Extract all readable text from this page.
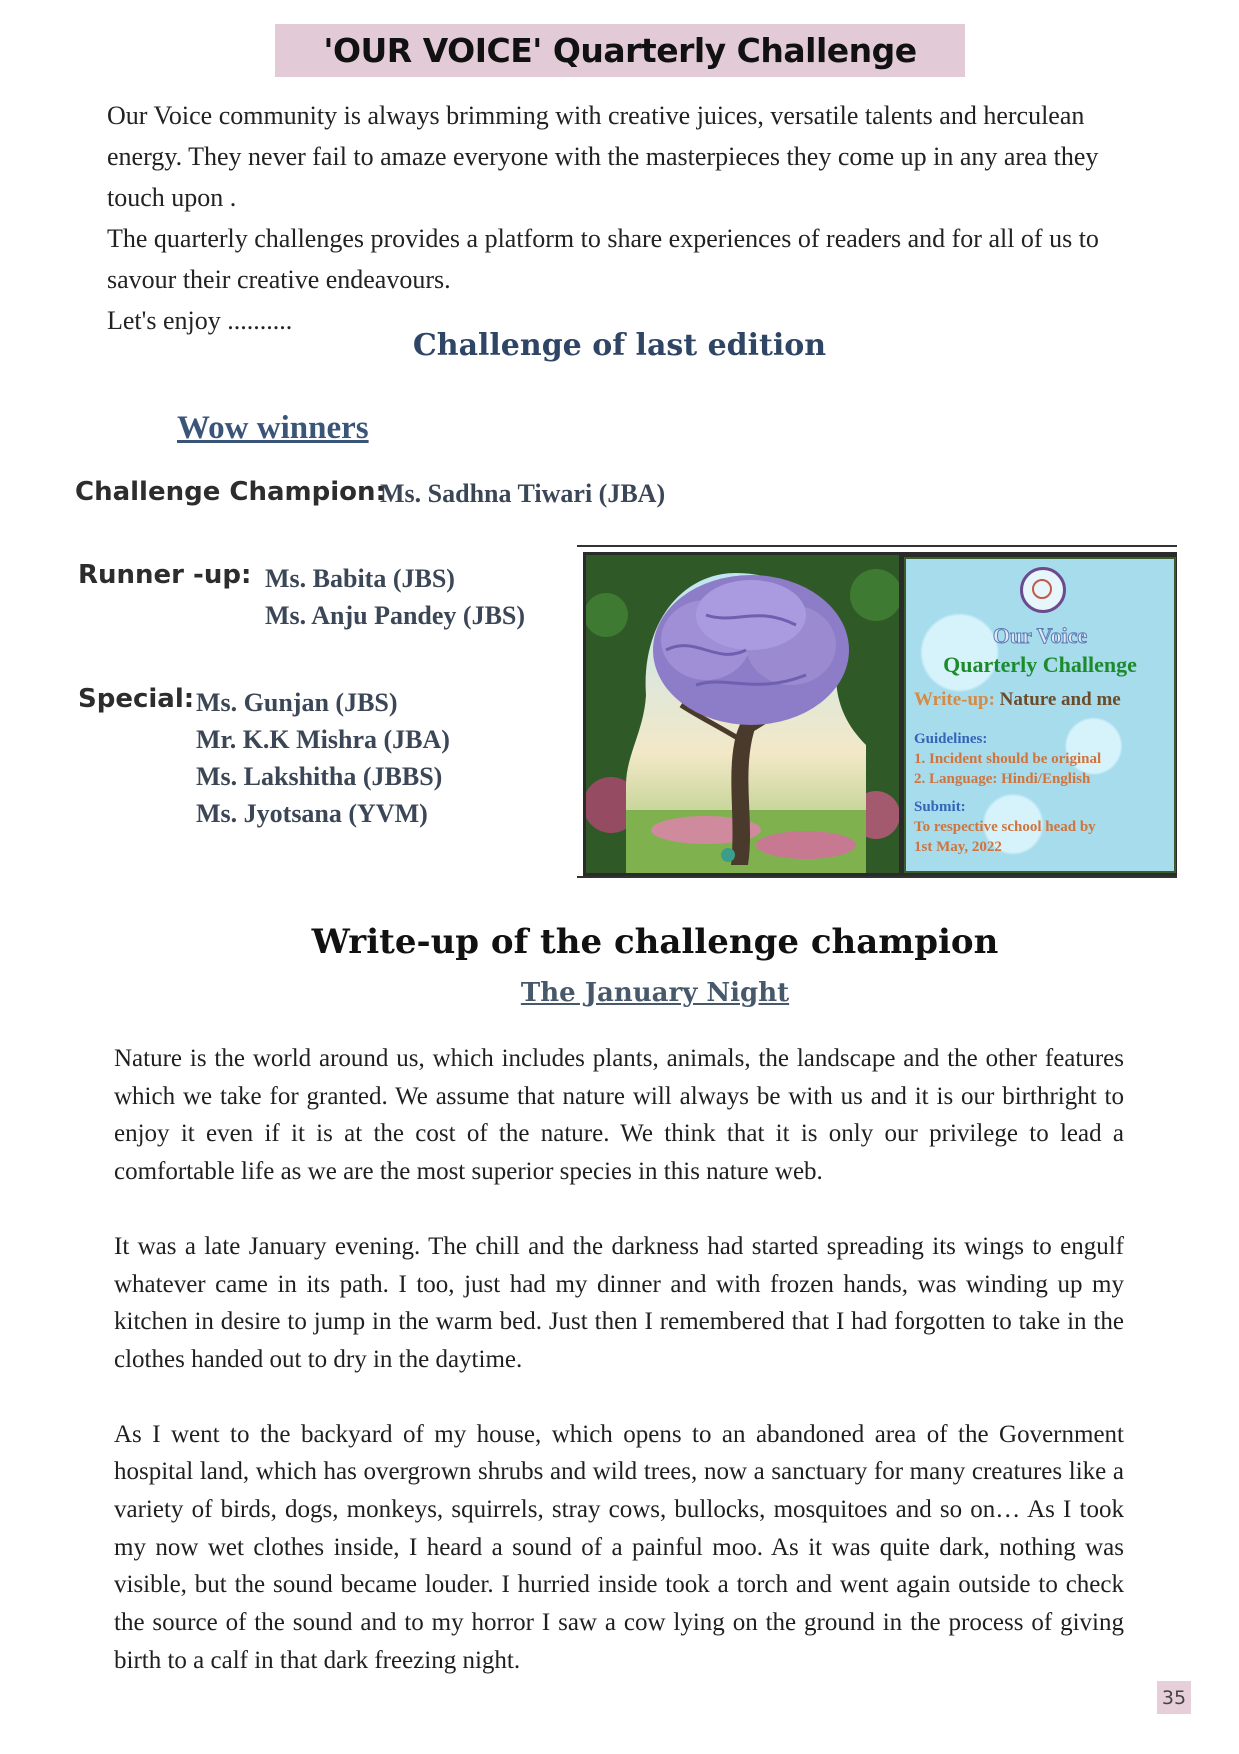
'OUR VOICE' Quarterly Challenge

Our Voice community is always brimming with creative juices, versatile talents and herculean energy. They never fail to amaze everyone with the masterpieces they come up in any area they touch upon .

The quarterly challenges provides a platform to share experiences of readers and for all of us to savour their creative endeavours.

Let's enjoy ..........

Challenge of last edition
Wow winners
Challenge Champion:
Ms. Sadhna Tiwari (JBA)
Runner -up: Ms. Babita (JBS)
Ms. Anju Pandey (JBS)
Special: Ms. Gunjan (JBS)
Mr. K.K Mishra (JBA)
Ms. Lakshitha (JBBS)
Ms. Jyotsana (YVM)
Our Voice
Quarterly Challenge
Write-up: Nature and me
Guidelines:
1. Incident should be original
2. Language: Hindi/English
Submit:
To respective school head by
1st May, 2022
Write-up of the challenge champion
The January Night

Nature is the world around us, which includes plants, animals, the landscape and the other features which we take for granted. We assume that nature will always be with us and it is our birthright to enjoy it even if it is at the cost of the nature. We think that it is only our privilege to lead a comfortable life as we are the most superior species in this nature web.

It was a late January evening. The chill and the darkness had started spreading its wings to engulf whatever came in its path. I too, just had my dinner and with frozen hands, was winding up my kitchen in desire to jump in the warm bed. Just then I remembered that I had forgotten to take in the clothes handed out to dry in the daytime.

As I went to the backyard of my house, which opens to an abandoned area of the Government hospital land, which has overgrown shrubs and wild trees, now a sanctuary for many creatures like a variety of birds, dogs, monkeys, squirrels, stray cows, bullocks, mosquitoes and so on… As I took my now wet clothes inside, I heard a sound of a painful moo. As it was quite dark, nothing was visible, but the sound became louder. I hurried inside took a torch and went again outside to check the source of the sound and to my horror I saw a cow lying on the ground in the process of giving birth to a calf in that dark freezing night.

35
